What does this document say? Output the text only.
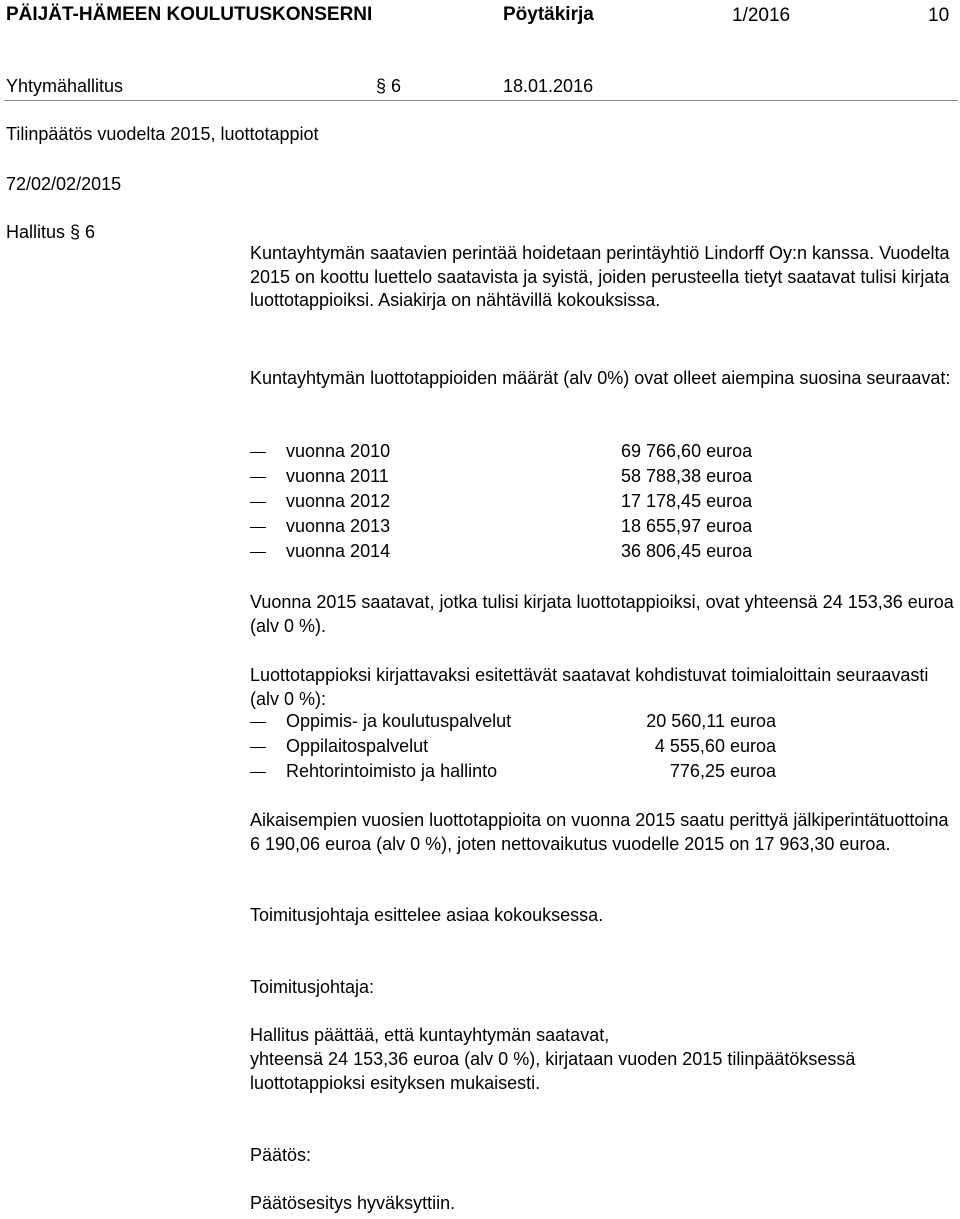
PÄIJÄT-HÄMEEN KOULUTUSKONSERNI	Pöytäkirja	1/2016	10
Yhtymähallitus	§ 6	18.01.2016
Tilinpäätös vuodelta 2015, luottotappiot
72/02/02/2015
Hallitus § 6
Kuntayhtymän saatavien perintää hoidetaan perintäyhtiö Lindorff Oy:n kanssa. Vuodelta 2015 on koottu luettelo saatavista ja syistä, joiden perusteella tietyt saatavat tulisi kirjata luottotappioiksi. Asiakirja on nähtävillä kokouksissa.
Kuntayhtymän luottotappioiden määrät (alv 0%) ovat olleet aiempina suosina seuraavat:
vuonna 2010	69 766,60 euroa
vuonna 2011	58 788,38 euroa
vuonna 2012	17 178,45 euroa
vuonna 2013	18 655,97 euroa
vuonna 2014	36 806,45 euroa
Vuonna 2015 saatavat, jotka tulisi kirjata luottotappioiksi, ovat yhteensä 24 153,36 euroa (alv 0 %).
Luottotappioksi kirjattavaksi esitettävät saatavat kohdistuvat toimialoittain seuraavasti (alv 0 %):
Oppimis- ja koulutuspalvelut	20 560,11 euroa
Oppilaitospalvelut	4 555,60 euroa
Rehtorintoimisto ja hallinto	776,25 euroa
Aikaisempien vuosien luottotappioita on vuonna 2015 saatu perittyä jälkiperintätuottoina 6 190,06 euroa (alv 0 %), joten nettovaikutus vuodelle 2015 on 17 963,30 euroa.
Toimitusjohtaja esittelee asiaa kokouksessa.
Toimitusjohtaja:
Hallitus päättää, että kuntayhtymän saatavat,
yhteensä 24 153,36 euroa (alv 0 %), kirjataan vuoden 2015 tilinpäätöksessä
luottotappioksi esityksen mukaisesti.
Päätös:
Päätösesitys hyväksyttiin.
